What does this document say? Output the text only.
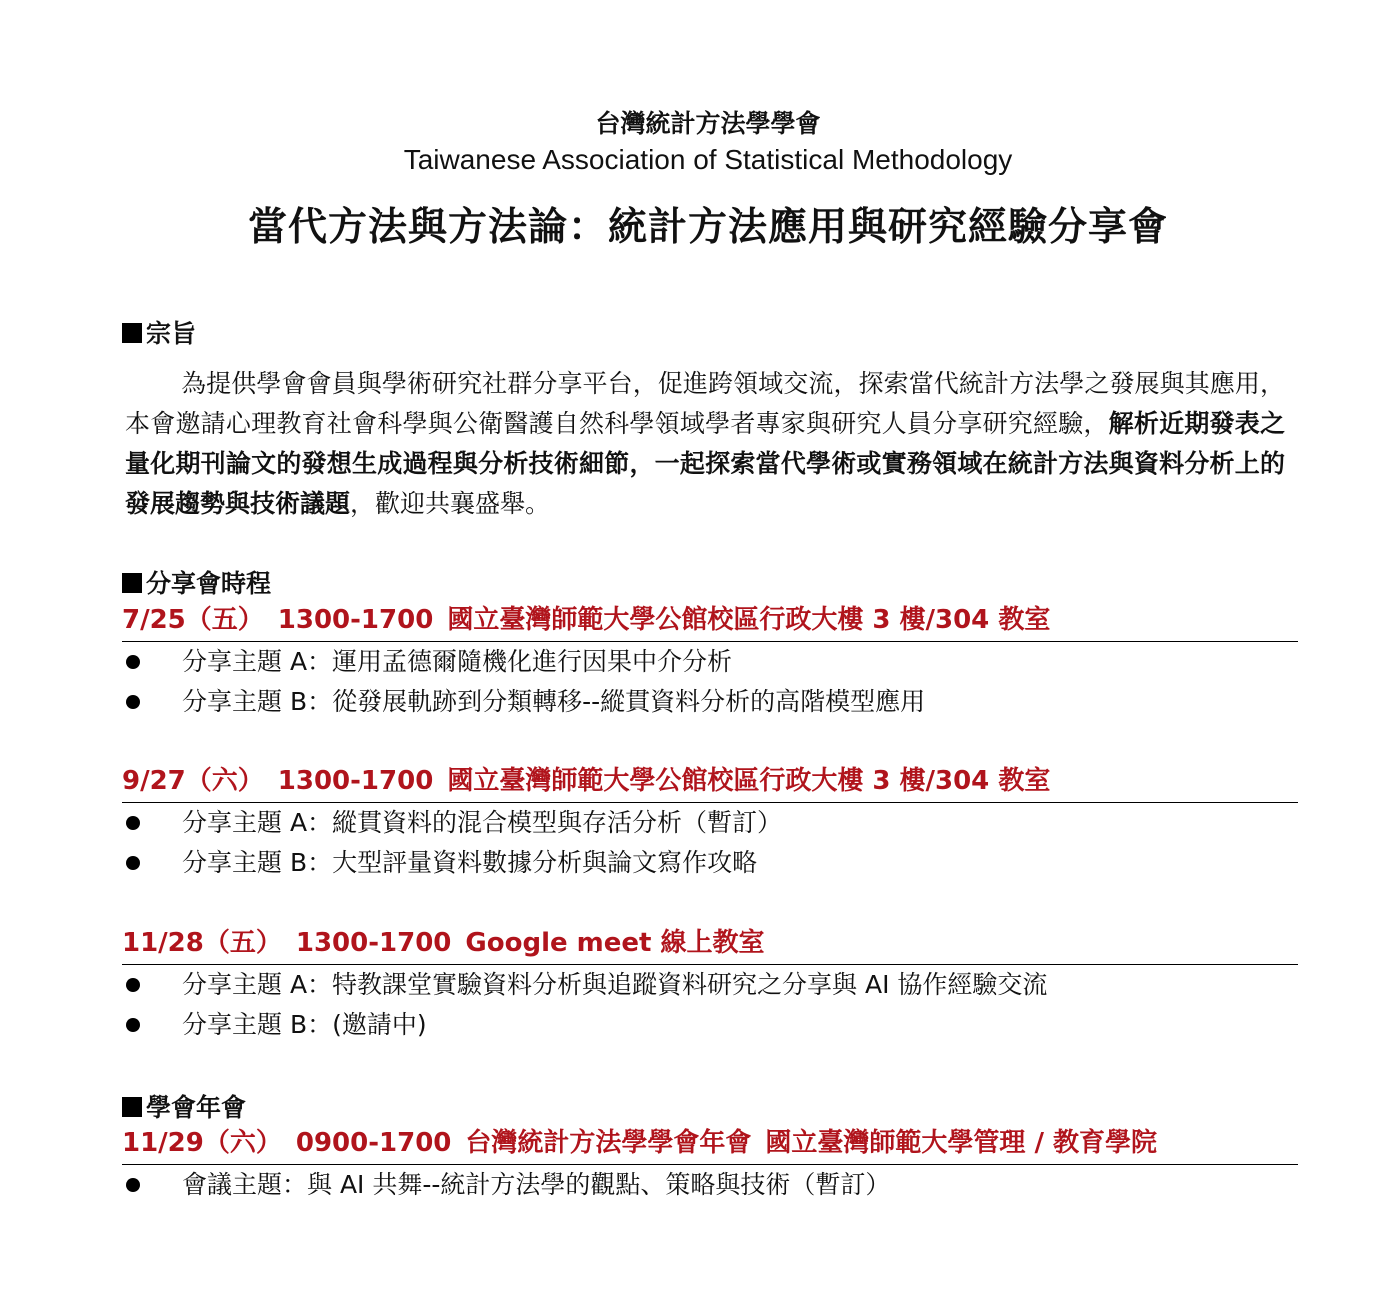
台灣統計方法學學會
Taiwanese Association of Statistical Methodology
當代方法與方法論：統計方法應用與研究經驗分享會
宗旨
為提供學會會員與學術研究社群分享平台，促進跨領域交流，探索當代統計方法學之發展與其應用，本會邀請心理教育社會科學與公衛醫護自然科學領域學者專家與研究人員分享研究經驗，解析近期發表之量化期刊論文的發想生成過程與分析技術細節，一起探索當代學術或實務領域在統計方法與資料分析上的發展趨勢與技術議題，歡迎共襄盛舉。
分享會時程
7/25（五） 1300-1700 國立臺灣師範大學公館校區行政大樓 3 樓/304 教室
分享主題 A：運用孟德爾隨機化進行因果中介分析
分享主題 B：從發展軌跡到分類轉移--縱貫資料分析的高階模型應用
9/27（六） 1300-1700 國立臺灣師範大學公館校區行政大樓 3 樓/304 教室
分享主題 A：縱貫資料的混合模型與存活分析（暫訂）
分享主題 B：大型評量資料數據分析與論文寫作攻略
11/28（五） 1300-1700 Google meet 線上教室
分享主題 A：特教課堂實驗資料分析與追蹤資料研究之分享與 AI 協作經驗交流
分享主題 B：(邀請中)
學會年會
11/29（六） 0900-1700 台灣統計方法學學會年會 國立臺灣師範大學管理 / 教育學院
會議主題：與 AI 共舞--統計方法學的觀點、策略與技術（暫訂）
